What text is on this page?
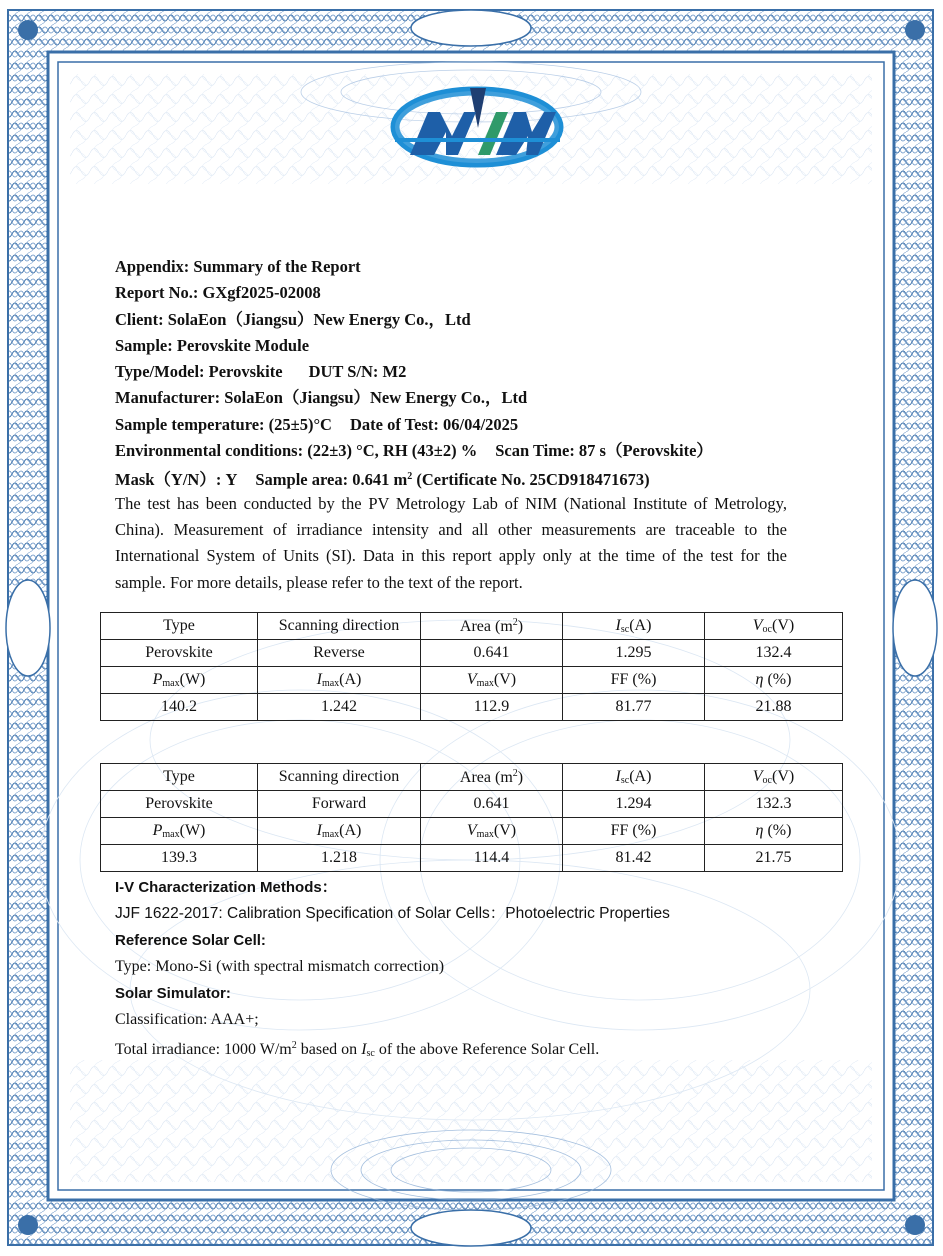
Appendix: Summary of the Report
Report No.: GXgf2025-02008
Client: SolaEon（Jiangsu）New Energy Co.，Ltd
Sample: Perovskite Module
Type/Model: Perovskite DUT S/N: M2
Manufacturer: SolaEon（Jiangsu）New Energy Co.，Ltd
Sample temperature: (25±5)°C Date of Test: 06/04/2025
Environmental conditions: (22±3) °C, RH (43±2) % Scan Time: 87 s（Perovskite）
Mask（Y/N）: Y Sample area: 0.641 $m^2$ (Certificate No. 25CD918471673)

The test has been conducted by the PV Metrology Lab of NIM (National Institute of Metrology, China). Measurement of irradiance intensity and all other measurements are traceable to the International System of Units (SI). Data in this report apply only at the time of the test for the sample. For more details, please refer to the text of the report.

Type	Scanning direction	Area $(m^2)$	$I_{sc}(A)$	$V_{oc}(V)$
Perovskite	Reverse	0.641	1.295	132.4
$P_{max}(W)$	$I_{max}(A)$	$V_{max}(V)$	FF (%)	η (%)
140.2	1.242	112.9	81.77	21.88
Type	Scanning direction	Area $(m^2)$	$I_{sc}(A)$	$V_{oc}(V)$
Perovskite	Forward	0.641	1.294	132.3
$P_{max}(W)$	$I_{max}(A)$	$V_{max}(V)$	FF (%)	η (%)
139.3	1.218	114.4	81.42	21.75
I-V Characterization Methods：
JJF 1622-2017: Calibration Specification of Solar Cells：Photoelectric Properties
Reference Solar Cell:
Type: Mono-Si (with spectral mismatch correction)
Solar Simulator:
Classification: AAA+;
Total irradiance: 1000 $W/m^2$ based on $I_{sc}$ of the above Reference Solar Cell.
